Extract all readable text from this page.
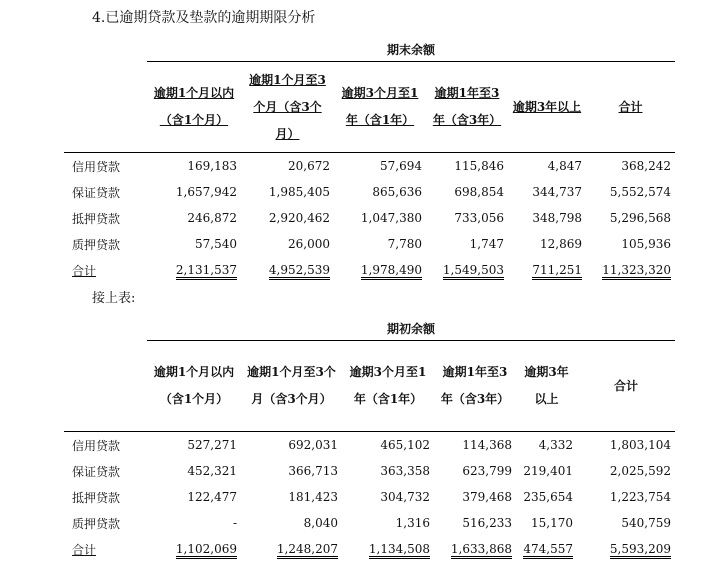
4.已逾期贷款及垫款的逾期期限分析
	期末余额					
	逾期1个月以内（含1个月）	逾期1个月至3个月（含3个月）	逾期3个月至1年（含1年）	逾期1年至3年（含3年）	逾期3年以上	合计
信用贷款	169,183	20,672	57,694	115,846	4,847	368,242
保证贷款	1,657,942	1,985,405	865,636	698,854	344,737	5,552,574
抵押贷款	246,872	2,920,462	1,047,380	733,056	348,798	5,296,568
质押贷款	57,540	26,000	7,780	1,747	12,869	105,936
合计	2,131,537	4,952,539	1,978,490	1,549,503	711,251	11,323,320
接上表:
	期初余额					
	逾期1个月以内（含1个月）	逾期1个月至3个月（含3个月）	逾期3个月至1年（含1年）	逾期1年至3年（含3年）	逾期3年以上	合计
信用贷款	527,271	692,031	465,102	114,368	4,332	1,803,104
保证贷款	452,321	366,713	363,358	623,799	219,401	2,025,592
抵押贷款	122,477	181,423	304,732	379,468	235,654	1,223,754
质押贷款	-	8,040	1,316	516,233	15,170	540,759
合计	1,102,069	1,248,207	1,134,508	1,633,868	474,557	5,593,209
